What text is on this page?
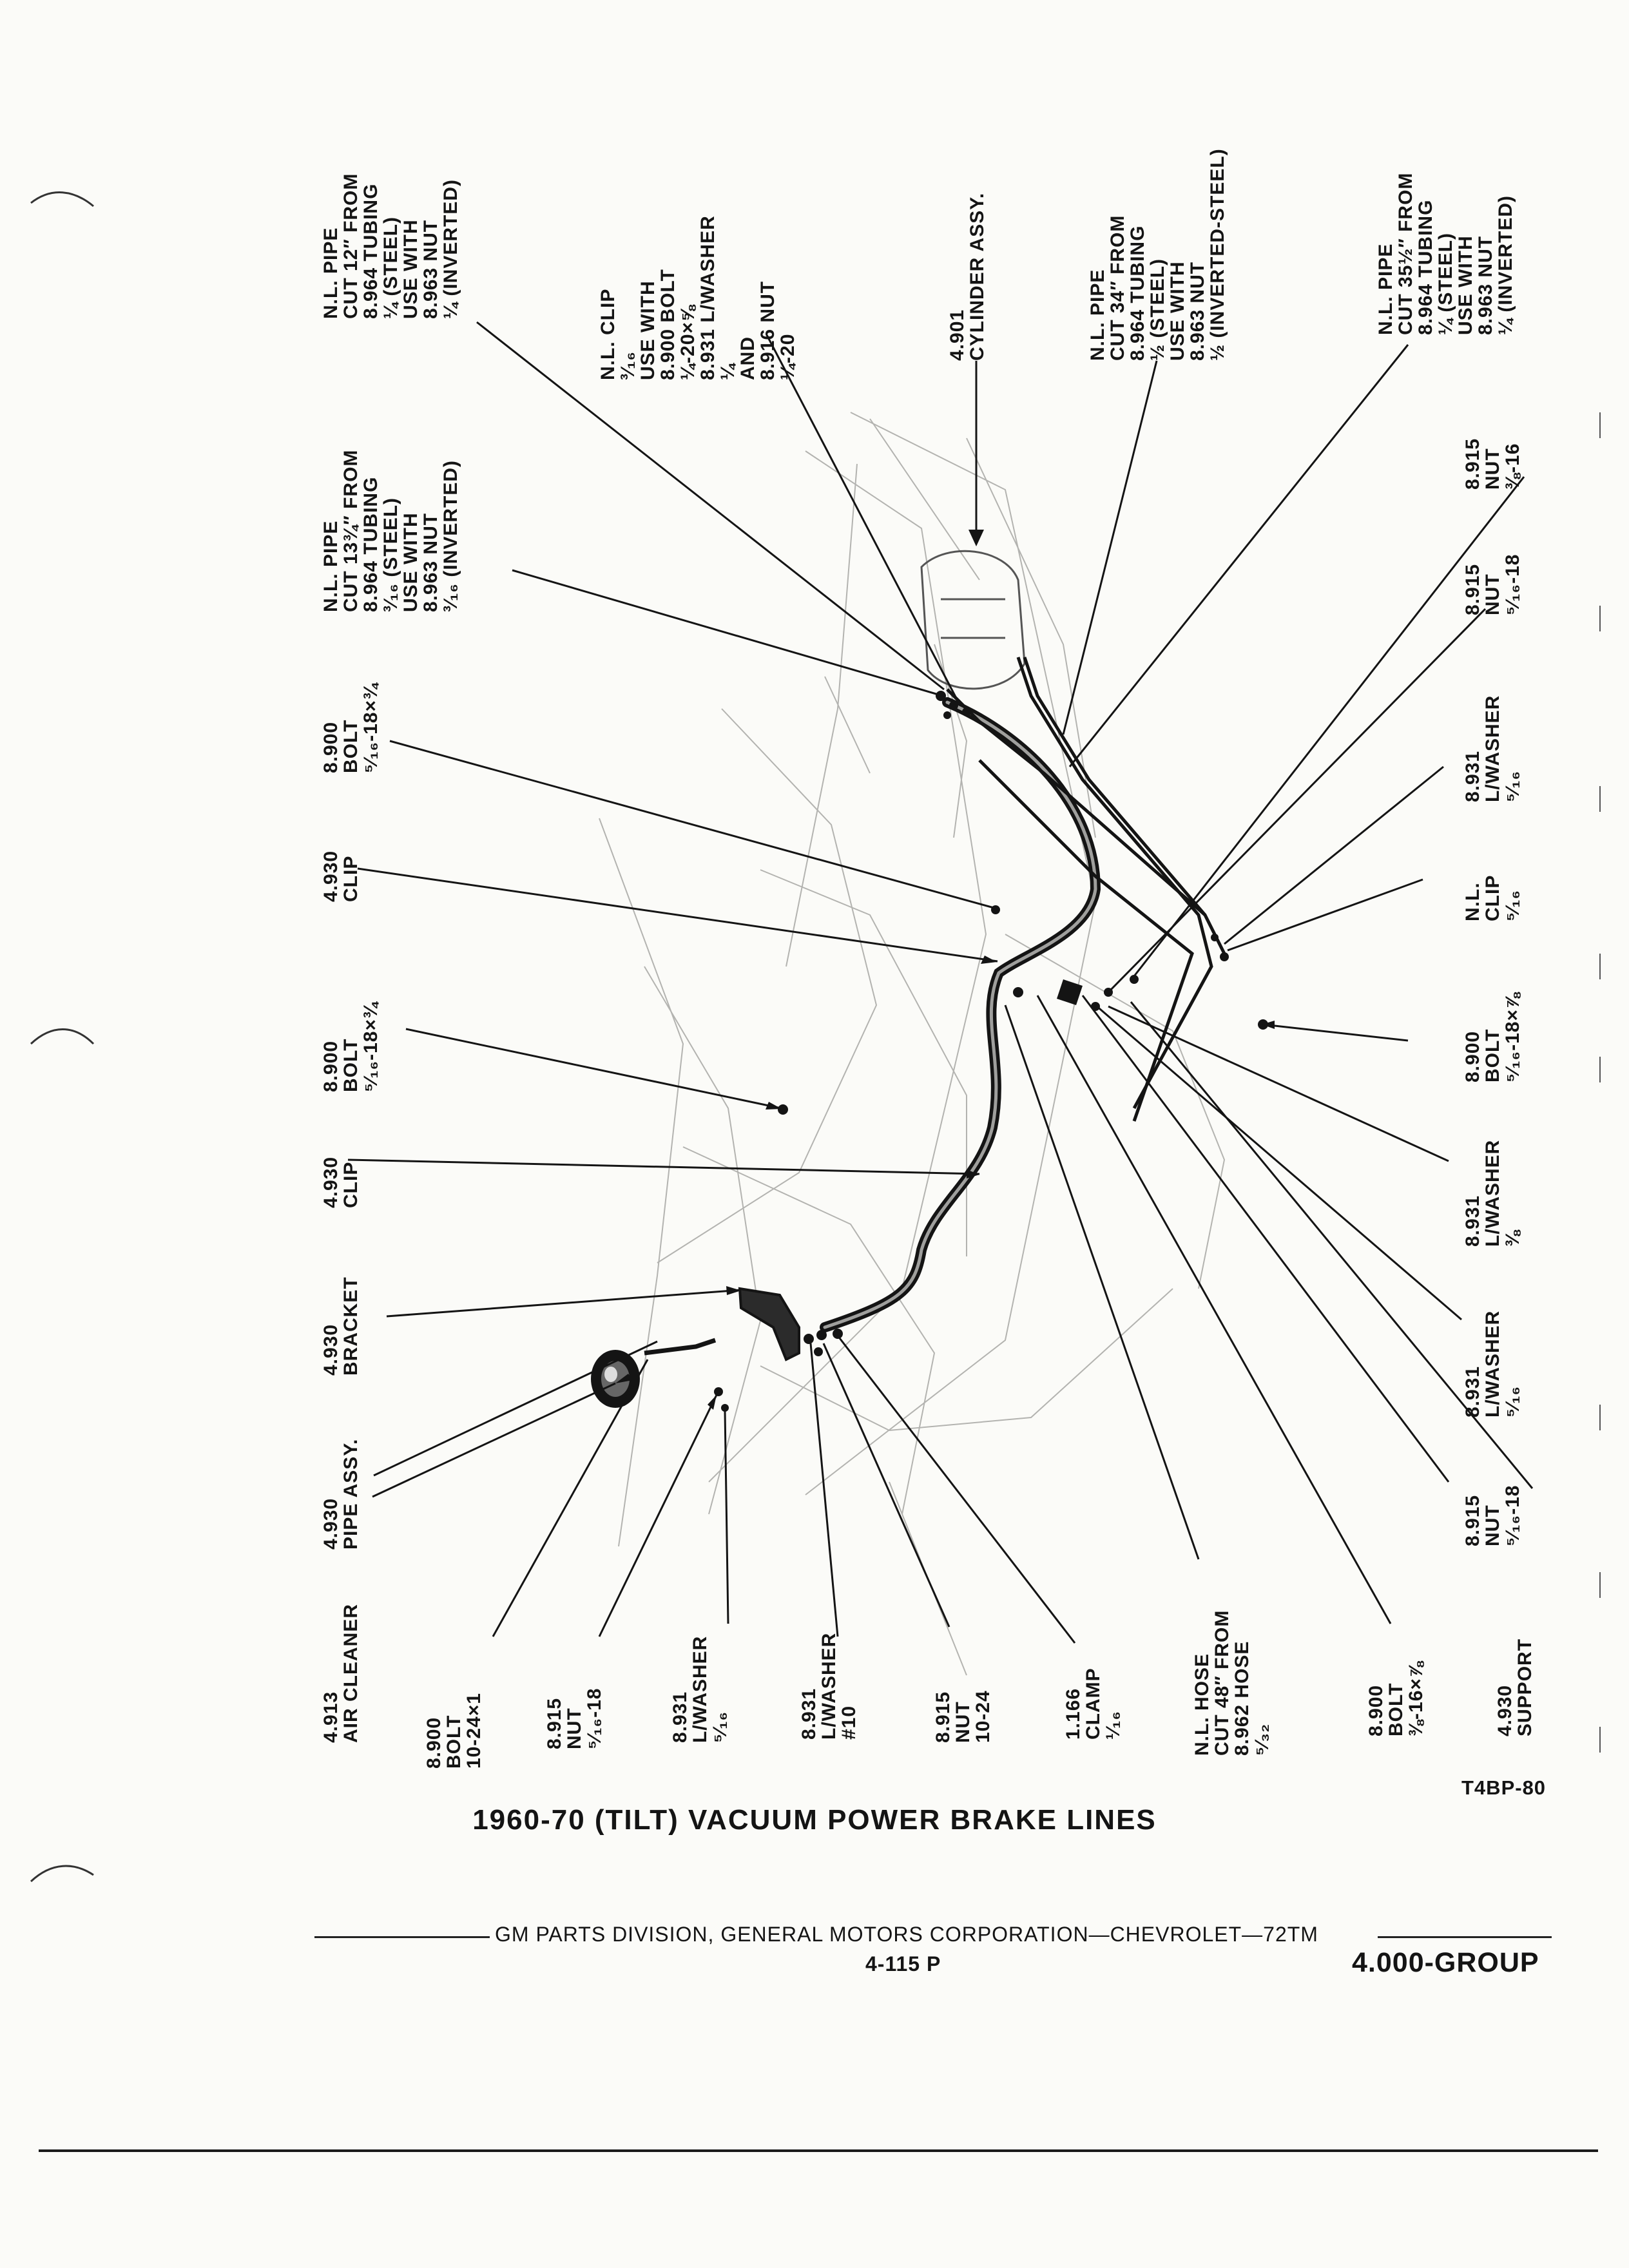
4.913
AIR CLEANER
4.930
PIPE ASSY.
4.930
BRACKET
4.930
CLIP
8.900
BOLT
⁵⁄₁₆-18×¾
4.930
CLIP
8.900
BOLT
⁵⁄₁₆-18×¾
N.L. PIPE
CUT 13¾″ FROM
8.964 TUBING
³⁄₁₆ (STEEL)
USE WITH
8.963 NUT
³⁄₁₆ (INVERTED)
N.L. PIPE
CUT 12″ FROM
8.964 TUBING
¼ (STEEL)
USE WITH
8.963 NUT
¼ (INVERTED)
N.L. CLIP
³⁄₁₆
USE WITH
8.900 BOLT
¼-20×⅝
8.931 L/WASHER
¼
AND
8.916 NUT
¼-20	4.901
CYLINDER ASSY.	N.L. PIPE
CUT 34″ FROM
8.964 TUBING
½ (STEEL)
USE WITH
8.963 NUT
½ (INVERTED-STEEL)	N.L. PIPE
CUT 35½″ FROM
8.964 TUBING
¼ (STEEL)
USE WITH
8.963 NUT
¼ (INVERTED)
8.900
BOLT
10-24×1	8.915
NUT
⁵⁄₁₆-18	8.931
L/WASHER
⁵⁄₁₆	8.931
L/WASHER
#10	8.915
NUT
10-24	1.166
CLAMP
¹⁄₁₆	N.L. HOSE
CUT 48″ FROM
8.962 HOSE
⁵⁄₃₂
8.900
BOLT
⅜-16×⅞	4.930
SUPPORT
8.915
NUT
⁵⁄₁₆-18
8.931
L/WASHER
⁵⁄₁₆
8.931
L/WASHER
⅜
8.900
BOLT
⁵⁄₁₆-18×⅞
N.L.
CLIP
⁵⁄₁₆
8.931
L/WASHER
⁵⁄₁₆
8.915
NUT
⁵⁄₁₆-18
8.915
NUT
⅜-16
T4BP-80
1960-70 (TILT) VACUUM POWER BRAKE LINES
GM PARTS DIVISION, GENERAL MOTORS CORPORATION—CHEVROLET—72TM
4-115 P	4.000-GROUP
